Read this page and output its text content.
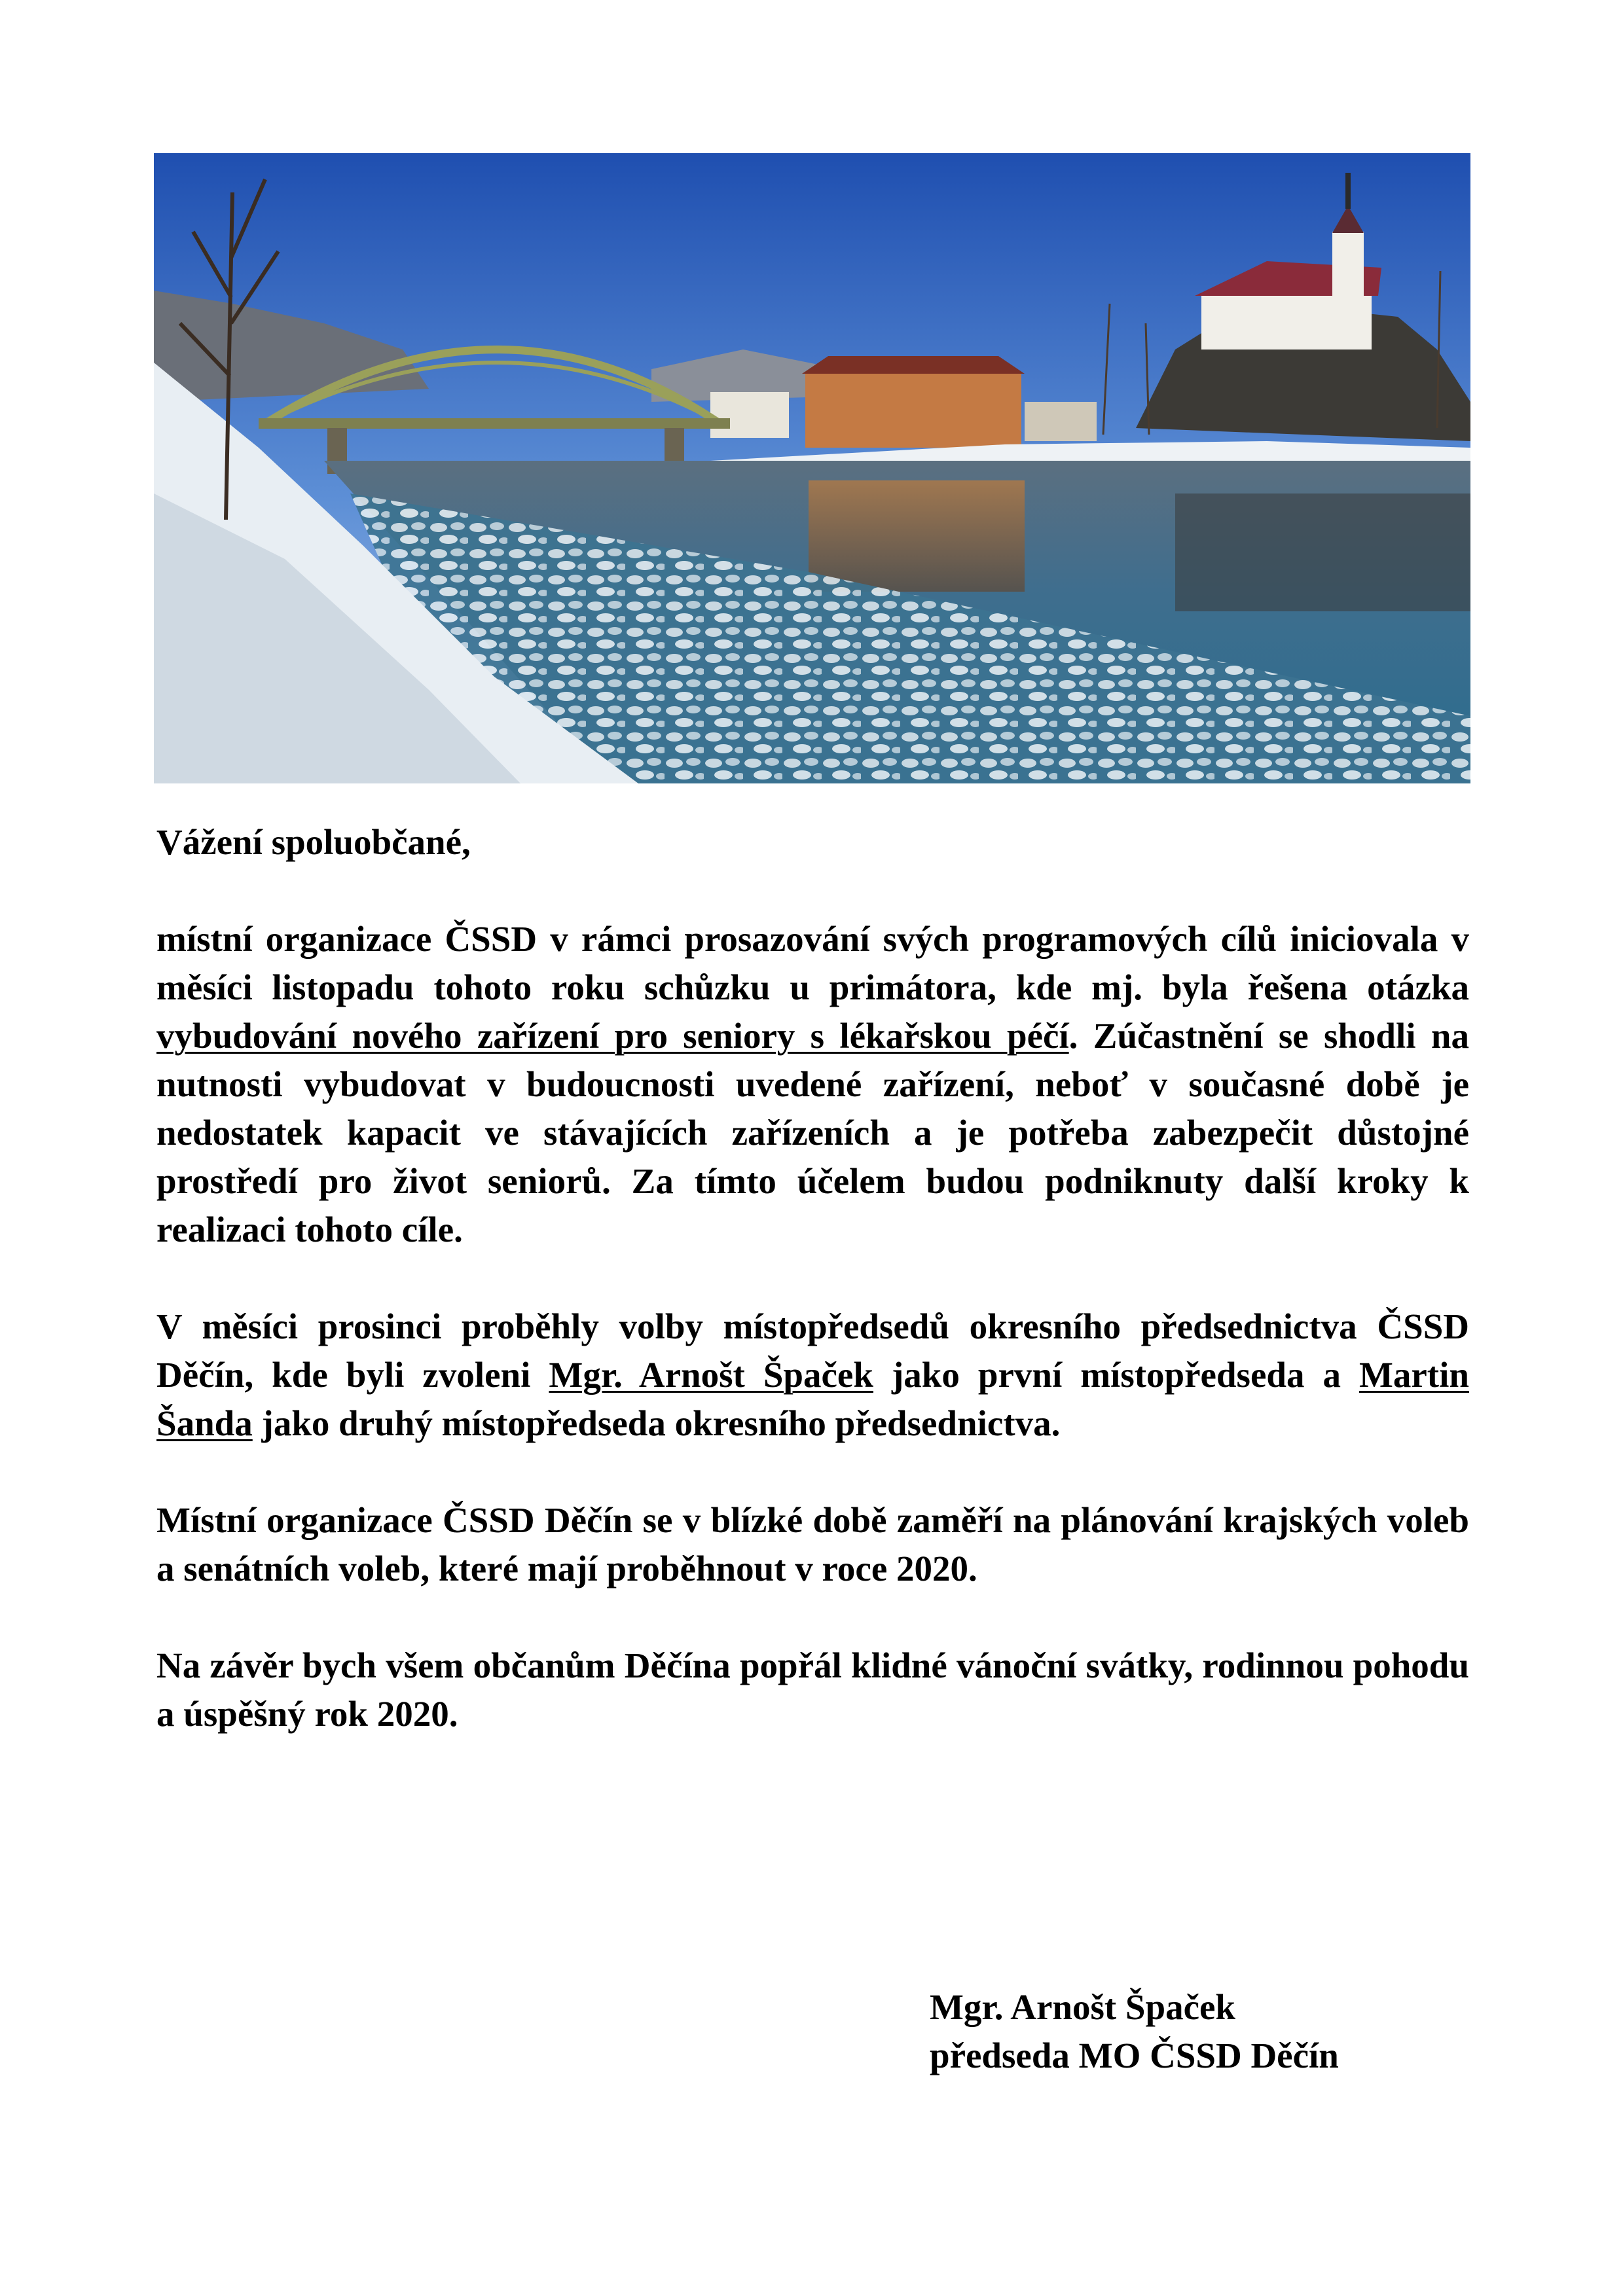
Vážení spoluobčané,

místní organizace ČSSD v rámci prosazování svých programových cílů iniciovala v měsíci listopadu tohoto roku schůzku u primátora, kde mj. byla řešena otázka vybudování nového zařízení pro seniory s lékařskou péčí. Zúčastnění se shodli na nutnosti vybudovat v budoucnosti uvedené zařízení, neboť v současné době je nedostatek kapacit ve stávajících zařízeních a je potřeba zabezpečit důstojné prostředí pro život seniorů. Za tímto účelem budou podniknuty další kroky k realizaci tohoto cíle.

V měsíci prosinci proběhly volby místopředsedů okresního předsednictva ČSSD Děčín, kde byli zvoleni Mgr. Arnošt Špaček jako první místopředseda a Martin Šanda jako druhý místopředseda okresního předsednictva.

Místní organizace ČSSD Děčín se v blízké době zaměří na plánování krajských voleb a senátních voleb, které mají proběhnout v roce 2020.

Na závěr bych všem občanům Děčína popřál klidné vánoční svátky, rodinnou pohodu a úspěšný rok 2020.

Mgr. Arnošt Špaček
předseda MO ČSSD Děčín
